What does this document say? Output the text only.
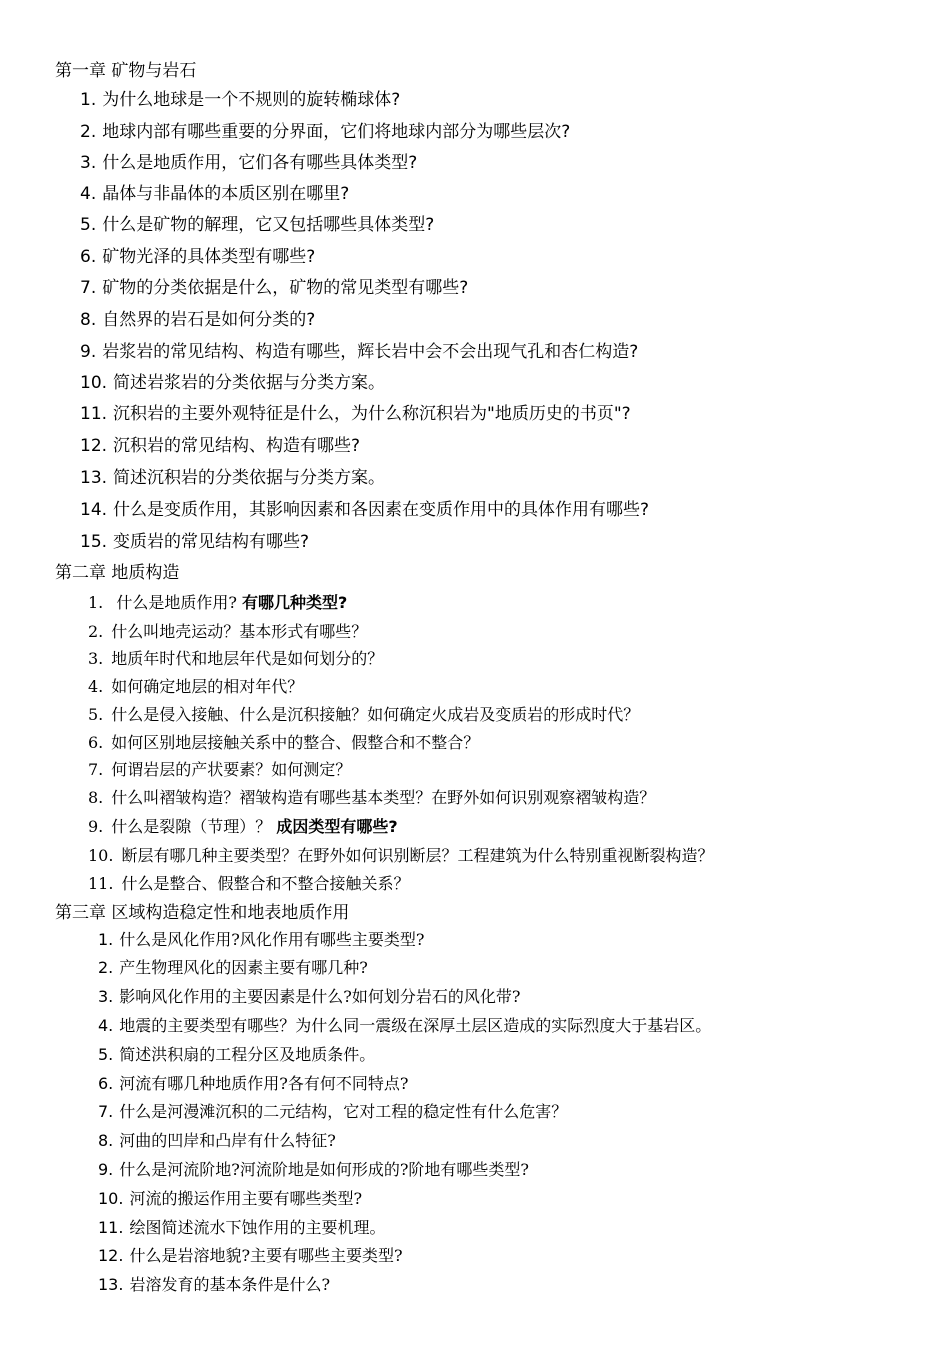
第一章 矿物与岩石
1. 为什么地球是一个不规则的旋转椭球体?
2. 地球内部有哪些重要的分界面，它们将地球内部分为哪些层次?
3. 什么是地质作用，它们各有哪些具体类型?
4. 晶体与非晶体的本质区别在哪里?
5. 什么是矿物的解理，它又包括哪些具体类型?
6. 矿物光泽的具体类型有哪些?
7. 矿物的分类依据是什么，矿物的常见类型有哪些?
8. 自然界的岩石是如何分类的?
9. 岩浆岩的常见结构、构造有哪些，辉长岩中会不会出现气孔和杏仁构造?
10. 简述岩浆岩的分类依据与分类方案。
11. 沉积岩的主要外观特征是什么，为什么称沉积岩为"地质历史的书页"?
12. 沉积岩的常见结构、构造有哪些?
13. 简述沉积岩的分类依据与分类方案。
14. 什么是变质作用，其影响因素和各因素在变质作用中的具体作用有哪些?
15. 变质岩的常见结构有哪些?
第二章 地质构造
1. 什么是地质作用? 有哪几种类型?
2. 什么叫地壳运动？基本形式有哪些？
3. 地质年时代和地层年代是如何划分的？
4. 如何确定地层的相对年代？
5. 什么是侵入接触、什么是沉积接触？如何确定火成岩及变质岩的形成时代？
6. 如何区别地层接触关系中的整合、假整合和不整合？
7. 何谓岩层的产状要素？如何测定？
8. 什么叫褶皱构造？褶皱构造有哪些基本类型？在野外如何识别观察褶皱构造？
9. 什么是裂隙（节理）？ 成因类型有哪些?
10. 断层有哪几种主要类型？在野外如何识别断层？工程建筑为什么特别重视断裂构造？
11. 什么是整合、假整合和不整合接触关系？
第三章 区域构造稳定性和地表地质作用
1. 什么是风化作用?风化作用有哪些主要类型?
2. 产生物理风化的因素主要有哪几种?
3. 影响风化作用的主要因素是什么?如何划分岩石的风化带?
4. 地震的主要类型有哪些？为什么同一震级在深厚土层区造成的实际烈度大于基岩区。
5. 简述洪积扇的工程分区及地质条件。
6. 河流有哪几种地质作用?各有何不同特点?
7. 什么是河漫滩沉积的二元结构，它对工程的稳定性有什么危害？
8. 河曲的凹岸和凸岸有什么特征?
9. 什么是河流阶地?河流阶地是如何形成的?阶地有哪些类型?
10. 河流的搬运作用主要有哪些类型?
11. 绘图简述流水下蚀作用的主要机理。
12. 什么是岩溶地貌?主要有哪些主要类型?
13. 岩溶发育的基本条件是什么?
